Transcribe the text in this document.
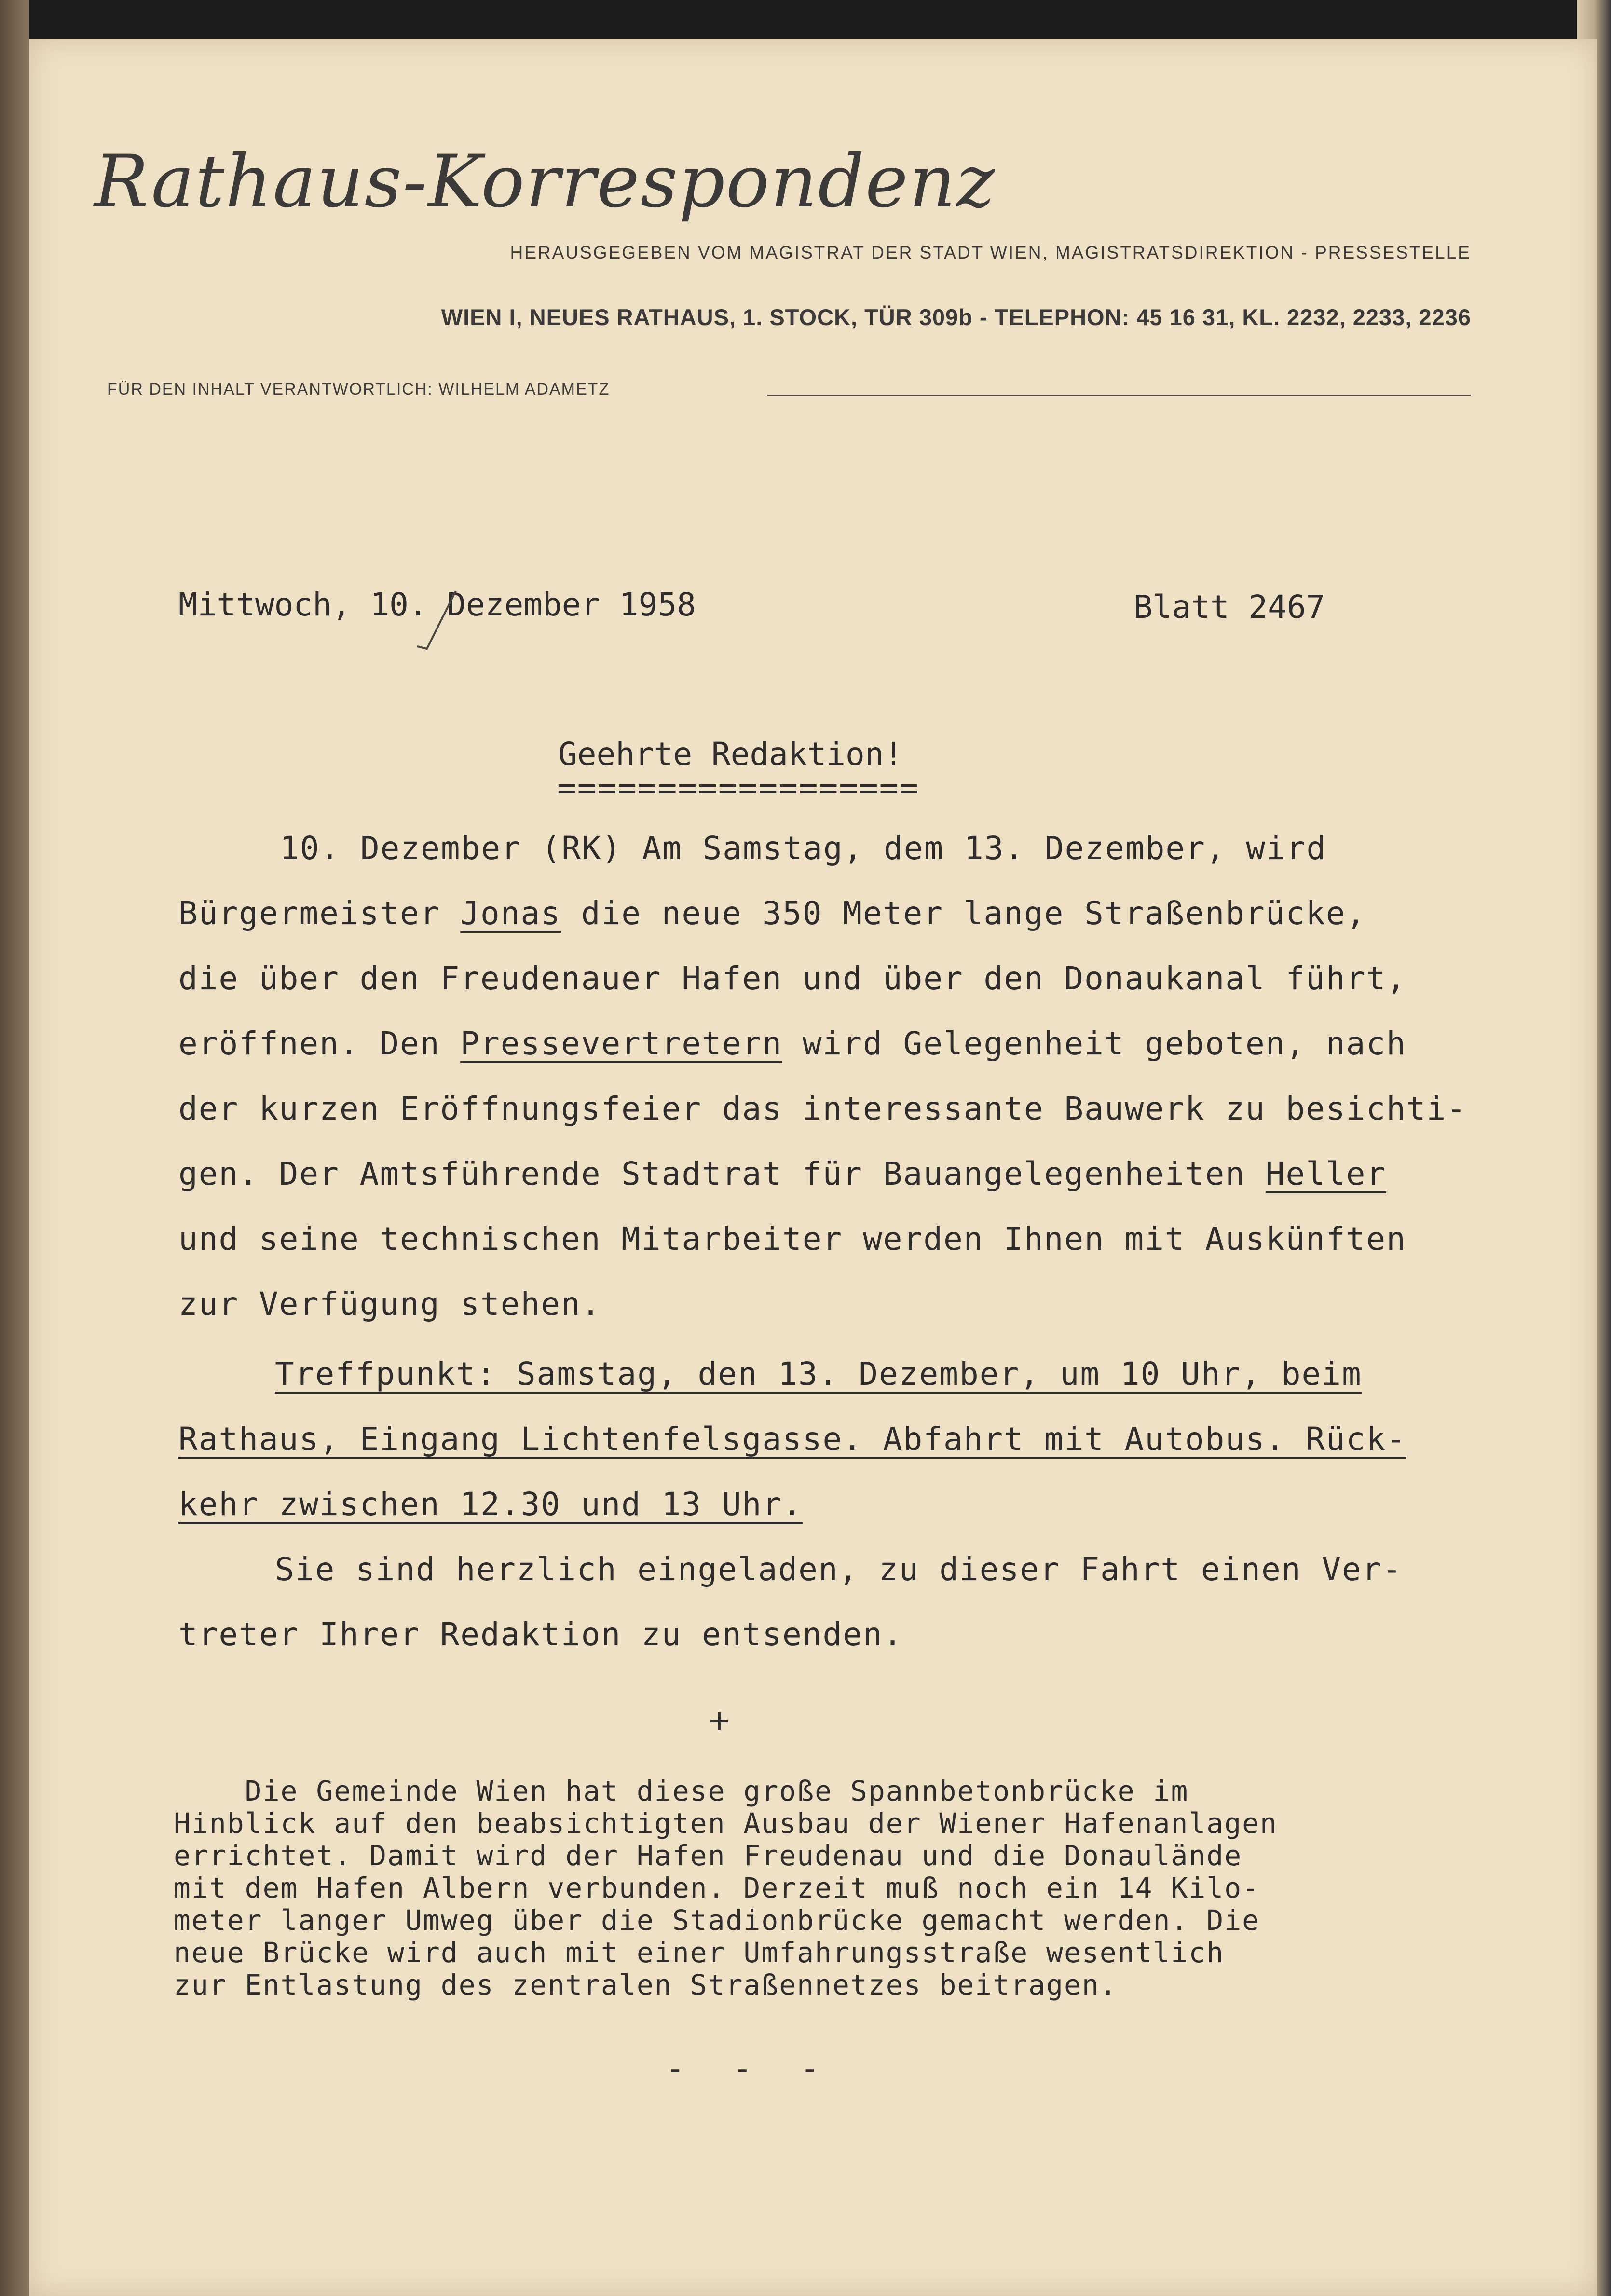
Rathaus-Korrespondenz
HERAUSGEGEBEN VOM MAGISTRAT DER STADT WIEN, MAGISTRATSDIREKTION - PRESSESTELLE
WIEN I, NEUES RATHAUS, 1. STOCK, TÜR 309b - TELEPHON: 45 16 31, KL. 2232, 2233, 2236
FÜR DEN INHALT VERANTWORTLICH: WILHELM ADAMETZ
Mittwoch, 10. Dezember 1958	Blatt 2467
Geehrte Redaktion!
==================
10. Dezember (RK) Am Samstag, dem 13. Dezember, wird
Bürgermeister Jonas die neue 350 Meter lange Straßenbrücke,
die über den Freudenauer Hafen und über den Donaukanal führt,
eröffnen. Den Pressevertretern wird Gelegenheit geboten, nach
der kurzen Eröffnungsfeier das interessante Bauwerk zu besichti-
gen. Der Amtsführende Stadtrat für Bauangelegenheiten Heller
und seine technischen Mitarbeiter werden Ihnen mit Auskünften
zur Verfügung stehen.
Treffpunkt: Samstag, den 13. Dezember, um 10 Uhr, beim
Rathaus, Eingang Lichtenfelsgasse. Abfahrt mit Autobus. Rück-
kehr zwischen 12.30 und 13 Uhr.
Sie sind herzlich eingeladen, zu dieser Fahrt einen Ver-
treter Ihrer Redaktion zu entsenden.
+
Die Gemeinde Wien hat diese große Spannbetonbrücke im
Hinblick auf den beabsichtigten Ausbau der Wiener Hafenanlagen
errichtet. Damit wird der Hafen Freudenau und die Donaulände
mit dem Hafen Albern verbunden. Derzeit muß noch ein 14 Kilo-
meter langer Umweg über die Stadionbrücke gemacht werden. Die
neue Brücke wird auch mit einer Umfahrungsstraße wesentlich
zur Entlastung des zentralen Straßennetzes beitragen.
- - -
